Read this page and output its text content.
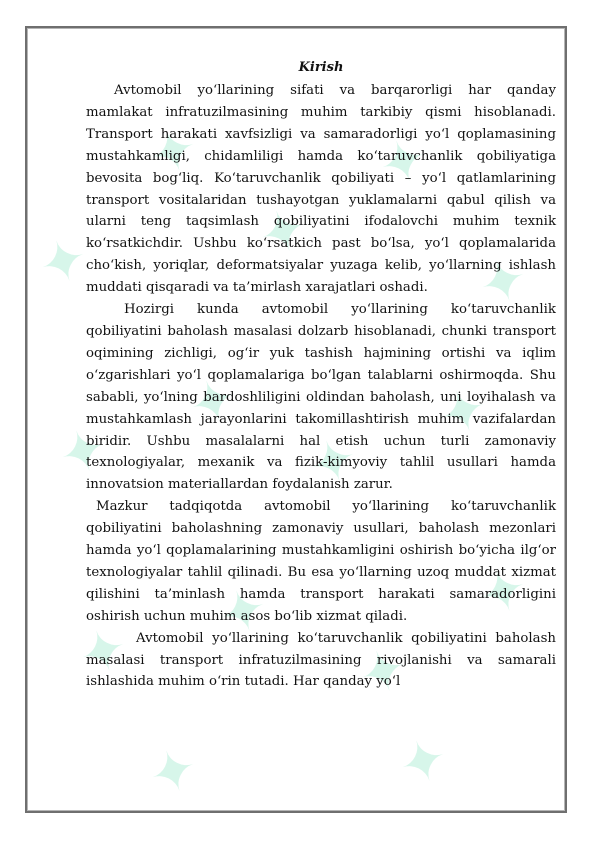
✦
✦
✦
✦
✦
✦
✦
✦
✦
✦
✦
✦
✦
✦	✦

Kirish

Avtomobil yo‘llarining sifati va barqarorligi har qanday mamlakat infratuzilmasining muhim tarkibiy qismi hisoblanadi. Transport harakati xavfsizligi va samaradorligi yo‘l qoplamasining mustahkamligi, chidamliligi hamda ko‘taruvchanlik qobiliyatiga bevosita bog‘liq. Ko‘taruvchanlik qobiliyati – yo‘l qatlamlarining transport vositalaridan tushayotgan yuklamalarni qabul qilish va ularni teng taqsimlash qobiliyatini ifodalovchi muhim texnik ko‘rsatkichdir. Ushbu ko‘rsatkich past bo‘lsa, yo‘l qoplamalarida cho‘kish, yoriqlar, deformatsiyalar yuzaga kelib, yo‘llarning ishlash muddati qisqaradi va ta’mirlash xarajatlari oshadi.

Hozirgi kunda avtomobil yo‘llarining ko‘taruvchanlik qobiliyatini baholash masalasi dolzarb hisoblanadi, chunki transport oqimining zichligi, og‘ir yuk tashish hajmining ortishi va iqlim o‘zgarishlari yo‘l qoplamalariga bo‘lgan talablarni oshirmoqda. Shu sababli, yo‘lning bardoshliligini oldindan baholash, uni loyihalash va mustahkamlash jarayonlarini takomillashtirish muhim vazifalardan biridir. Ushbu masalalarni hal etish uchun turli zamonaviy texnologiyalar, mexanik va fizik-kimyoviy tahlil usullari hamda innovatsion materiallardan foydalanish zarur.

Mazkur tadqiqotda avtomobil yo‘llarining ko‘taruvchanlik qobiliyatini baholashning zamonaviy usullari, baholash mezonlari hamda yo‘l qoplamalarining mustahkamligini oshirish bo‘yicha ilg‘or texnologiyalar tahlil qilinadi. Bu esa yo‘llarning uzoq muddat xizmat qilishini ta’minlash hamda transport harakati samaradorligini oshirish uchun muhim asos bo‘lib xizmat qiladi.

Avtomobil yo‘llarining ko‘taruvchanlik qobiliyatini baholash masalasi transport infratuzilmasining rivojlanishi va samarali ishlashida muhim o‘rin tutadi. Har qanday yo‘l
